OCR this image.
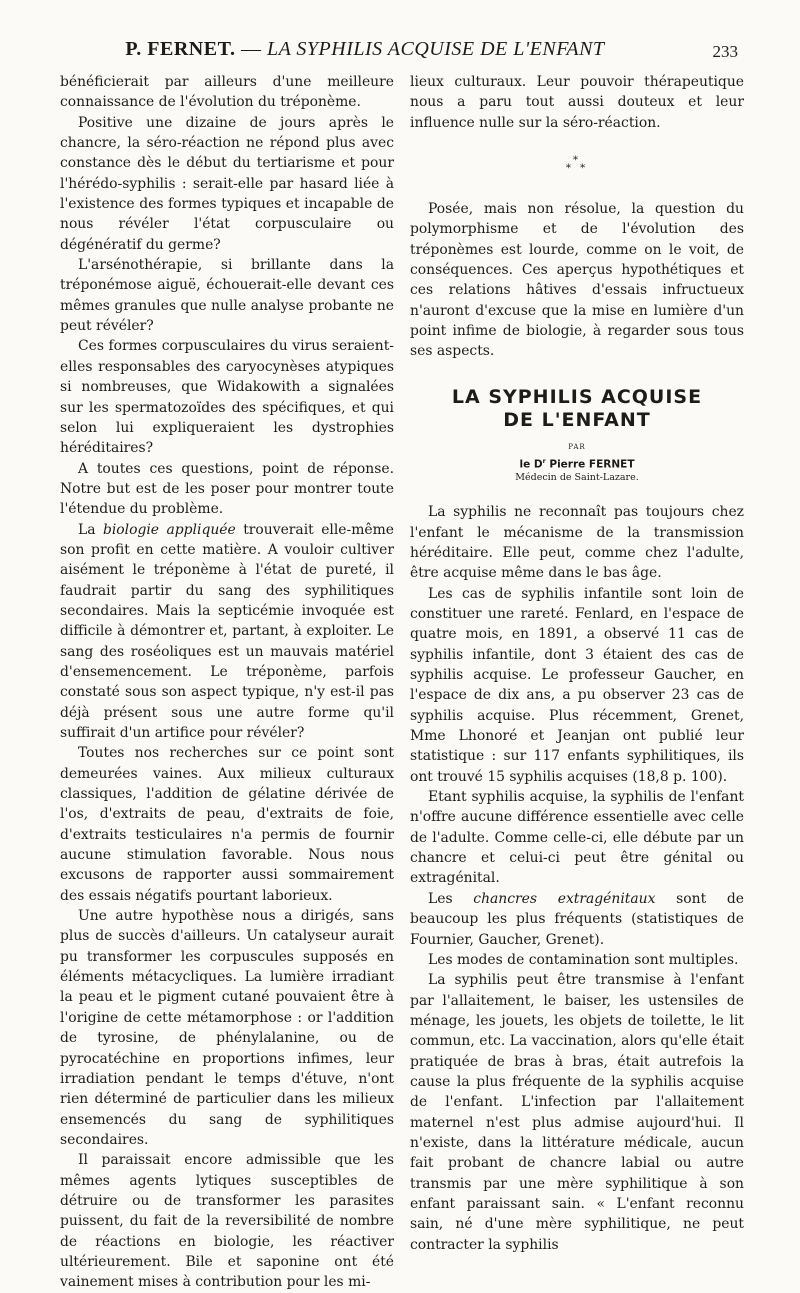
P. FERNET. — LA SYPHILIS ACQUISE DE L'ENFANT	233

bénéficierait par ailleurs d'une meilleure connaissance de l'évolution du tréponème.

Positive une dizaine de jours après le chancre, la séro-réaction ne répond plus avec constance dès le début du tertiarisme et pour l'hérédo-syphilis : serait-elle par hasard liée à l'existence des formes typiques et incapable de nous révéler l'état corpusculaire ou dégénératif du germe?

L'arsénothérapie, si brillante dans la tréponémose aiguë, échouerait-elle devant ces mêmes granules que nulle analyse probante ne peut révéler?

Ces formes corpusculaires du virus seraient-elles responsables des caryocynèses atypiques si nombreuses, que Widakowith a signalées sur les spermatozoïdes des spécifiques, et qui selon lui expliqueraient les dystrophies héréditaires?

A toutes ces questions, point de réponse. Notre but est de les poser pour montrer toute l'étendue du problème.

La biologie appliquée trouverait elle-même son profit en cette matière. A vouloir cultiver aisément le tréponème à l'état de pureté, il faudrait partir du sang des syphilitiques secondaires. Mais la septicémie invoquée est difficile à démontrer et, partant, à exploiter. Le sang des roséoliques est un mauvais matériel d'ensemencement. Le tréponème, parfois constaté sous son aspect typique, n'y est-il pas déjà présent sous une autre forme qu'il suffirait d'un artifice pour révéler?

Toutes nos recherches sur ce point sont demeurées vaines. Aux milieux culturaux classiques, l'addition de gélatine dérivée de l'os, d'extraits de peau, d'extraits de foie, d'extraits testiculaires n'a permis de fournir aucune stimulation favorable. Nous nous excusons de rapporter aussi sommairement des essais négatifs pourtant laborieux.

Une autre hypothèse nous a dirigés, sans plus de succès d'ailleurs. Un catalyseur aurait pu transformer les corpuscules supposés en éléments métacycliques. La lumière irradiant la peau et le pigment cutané pouvaient être à l'origine de cette métamorphose : or l'addition de tyrosine, de phénylalanine, ou de pyrocatéchine en proportions infimes, leur irradiation pendant le temps d'étuve, n'ont rien déterminé de particulier dans les milieux ensemencés du sang de syphilitiques secondaires.

Il paraissait encore admissible que les mêmes agents lytiques susceptibles de détruire ou de transformer les parasites puissent, du fait de la reversibilité de nombre de réactions en biologie, les réactiver ultérieurement. Bile et saponine ont été vainement mises à contribution pour les mi-

lieux culturaux. Leur pouvoir thérapeutique nous a paru tout aussi douteux et leur influence nulle sur la séro-réaction.

*
* *

Posée, mais non résolue, la question du polymorphisme et de l'évolution des tréponèmes est lourde, comme on le voit, de conséquences. Ces aperçus hypothétiques et ces relations hâtives d'essais infructueux n'auront d'excuse que la mise en lumière d'un point infime de biologie, à regarder sous tous ses aspects.

LA SYPHILIS ACQUISE
DE L'ENFANT
PAR
le $D^r$ Pierre FERNET
Médecin de Saint-Lazare.

La syphilis ne reconnaît pas toujours chez l'enfant le mécanisme de la transmission héréditaire. Elle peut, comme chez l'adulte, être acquise même dans le bas âge.

Les cas de syphilis infantile sont loin de constituer une rareté. Fenlard, en l'espace de quatre mois, en 1891, a observé 11 cas de syphilis infantile, dont 3 étaient des cas de syphilis acquise. Le professeur Gaucher, en l'espace de dix ans, a pu observer 23 cas de syphilis acquise. Plus récemment, Grenet, Mme Lhonoré et Jeanjan ont publié leur statistique : sur 117 enfants syphilitiques, ils ont trouvé 15 syphilis acquises (18,8 p. 100).

Etant syphilis acquise, la syphilis de l'enfant n'offre aucune différence essentielle avec celle de l'adulte. Comme celle-ci, elle débute par un chancre et celui-ci peut être génital ou extragénital.

Les chancres extragénitaux sont de beaucoup les plus fréquents (statistiques de Fournier, Gaucher, Grenet).

Les modes de contamination sont multiples.

La syphilis peut être transmise à l'enfant par l'allaitement, le baiser, les ustensiles de ménage, les jouets, les objets de toilette, le lit commun, etc. La vaccination, alors qu'elle était pratiquée de bras à bras, était autrefois la cause la plus fréquente de la syphilis acquise de l'enfant. L'infection par l'allaitement maternel n'est plus admise aujourd'hui. Il n'existe, dans la littérature médicale, aucun fait probant de chancre labial ou autre transmis par une mère syphilitique à son enfant paraissant sain. « L'enfant reconnu sain, né d'une mère syphilitique, ne peut contracter la syphilis
